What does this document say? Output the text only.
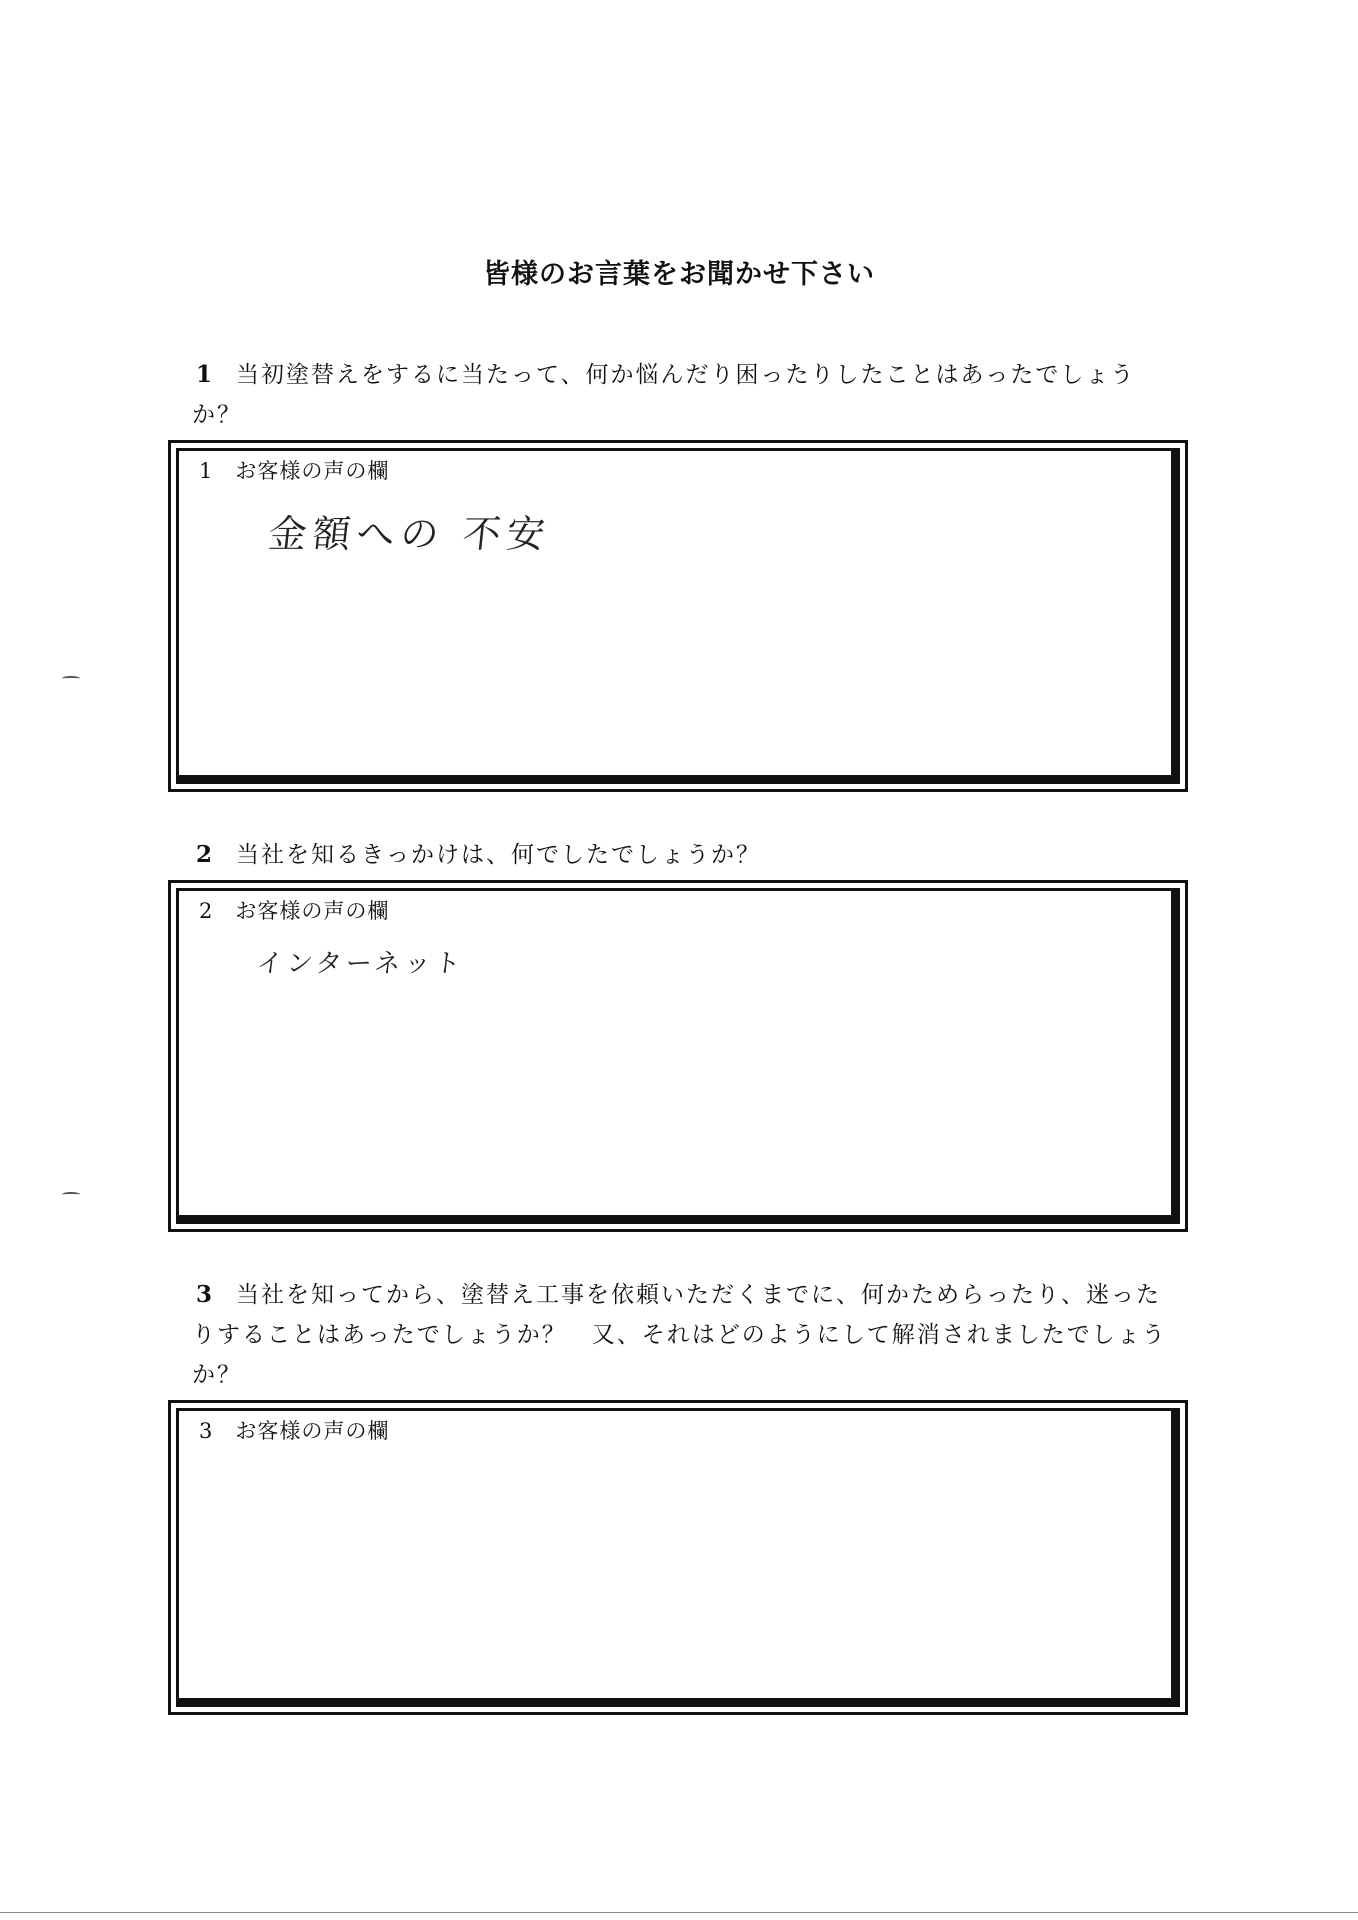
皆様のお言葉をお聞かせ下さい
1 当初塗替えをするに当たって、何か悩んだり困ったりしたことはあったでしょう
か？
1 お客様の声の欄
金額への 不安
2 当社を知るきっかけは、何でしたでしょうか？
2 お客様の声の欄
インターネット
3 当社を知ってから、塗替え工事を依頼いただくまでに、何かためらったり、迷った
りすることはあったでしょうか？　又、それはどのようにして解消されましたでしょう
か？
3 お客様の声の欄
